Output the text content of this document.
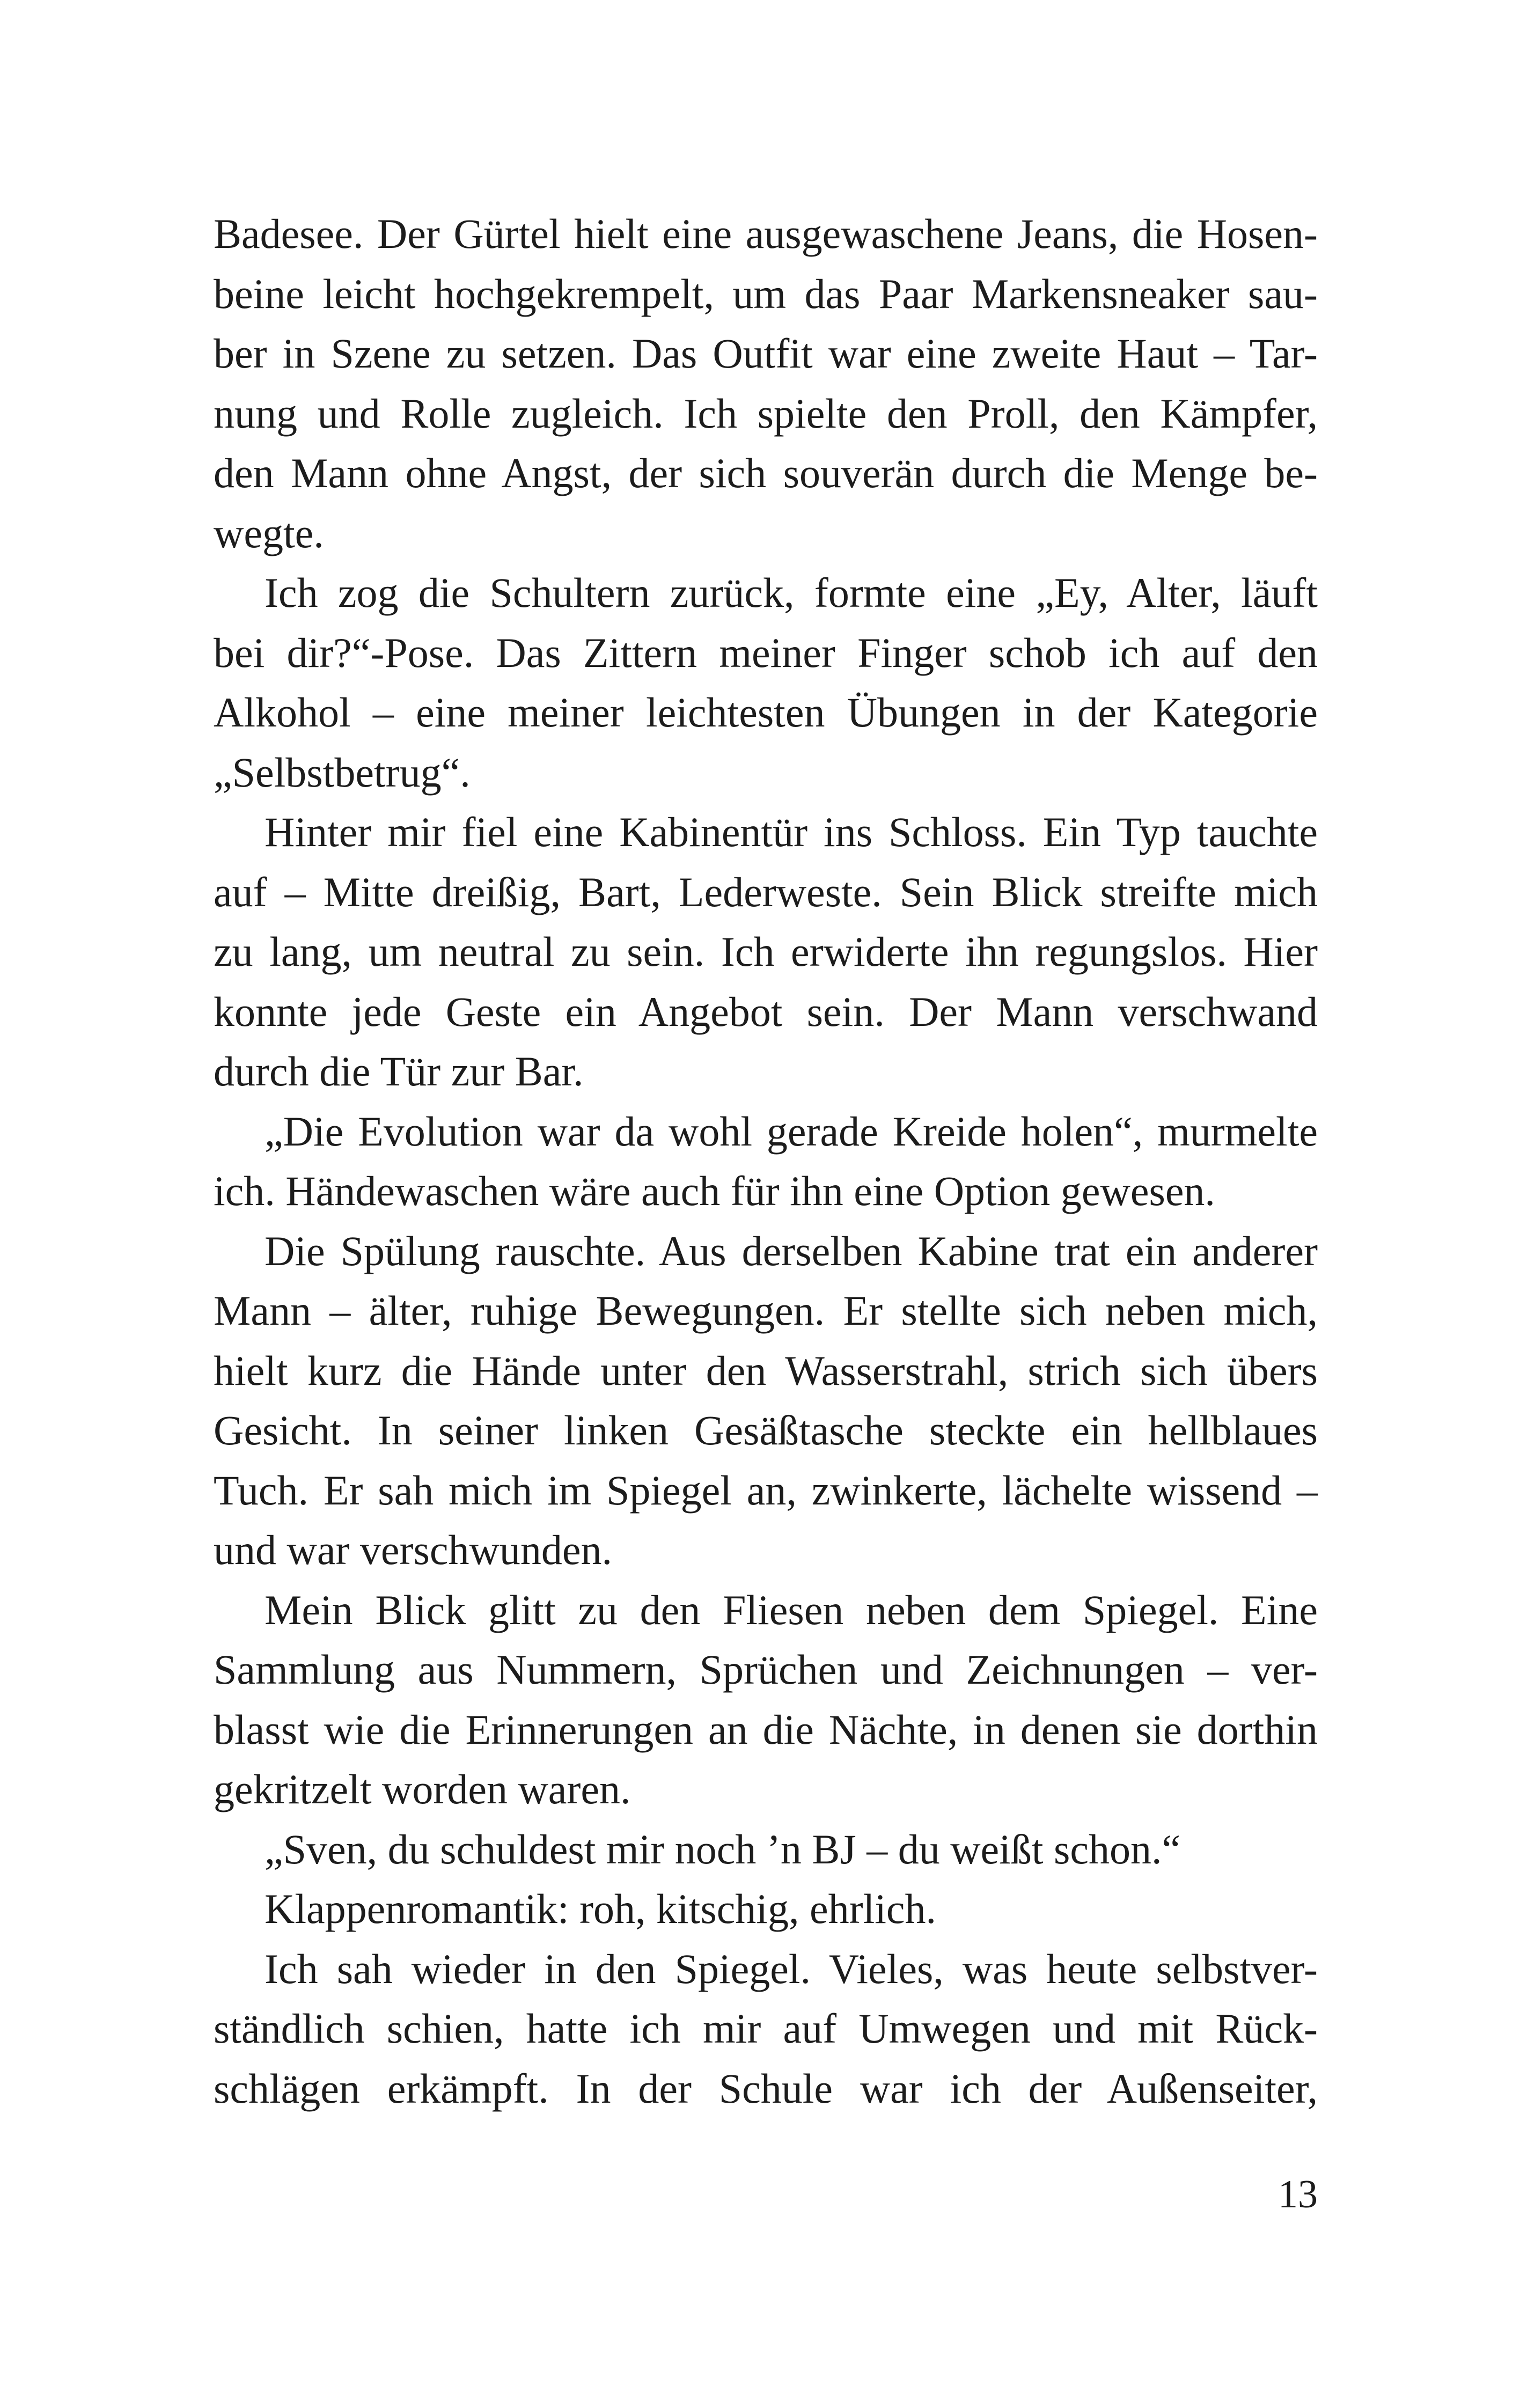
Badesee. Der Gürtel hielt eine ausgewaschene Jeans, die Hosen-
beine leicht hochgekrempelt, um das Paar Markensneaker sau-
ber in Szene zu setzen. Das Outfit war eine zweite Haut – Tar-
nung und Rolle zugleich. Ich spielte den Proll, den Kämpfer,
den Mann ohne Angst, der sich souverän durch die Menge be-
wegte.
Ich zog die Schultern zurück, formte eine „Ey, Alter, läuft
bei dir?“-Pose. Das Zittern meiner Finger schob ich auf den
Alkohol – eine meiner leichtesten Übungen in der Kategorie
„Selbstbetrug“.
Hinter mir fiel eine Kabinentür ins Schloss. Ein Typ tauchte
auf – Mitte dreißig, Bart, Lederweste. Sein Blick streifte mich
zu lang, um neutral zu sein. Ich erwiderte ihn regungslos. Hier
konnte jede Geste ein Angebot sein. Der Mann verschwand
durch die Tür zur Bar.
„Die Evolution war da wohl gerade Kreide holen“, murmelte
ich. Händewaschen wäre auch für ihn eine Option gewesen.
Die Spülung rauschte. Aus derselben Kabine trat ein anderer
Mann – älter, ruhige Bewegungen. Er stellte sich neben mich,
hielt kurz die Hände unter den Wasserstrahl, strich sich übers
Gesicht. In seiner linken Gesäßtasche steckte ein hellblaues
Tuch. Er sah mich im Spiegel an, zwinkerte, lächelte wissend –
und war verschwunden.
Mein Blick glitt zu den Fliesen neben dem Spiegel. Eine
Sammlung aus Nummern, Sprüchen und Zeichnungen – ver-
blasst wie die Erinnerungen an die Nächte, in denen sie dorthin
gekritzelt worden waren.
„Sven, du schuldest mir noch ’n BJ – du weißt schon.“
Klappenromantik: roh, kitschig, ehrlich.
Ich sah wieder in den Spiegel. Vieles, was heute selbstver-
ständlich schien, hatte ich mir auf Umwegen und mit Rück-
schlägen erkämpft. In der Schule war ich der Außenseiter,
13
